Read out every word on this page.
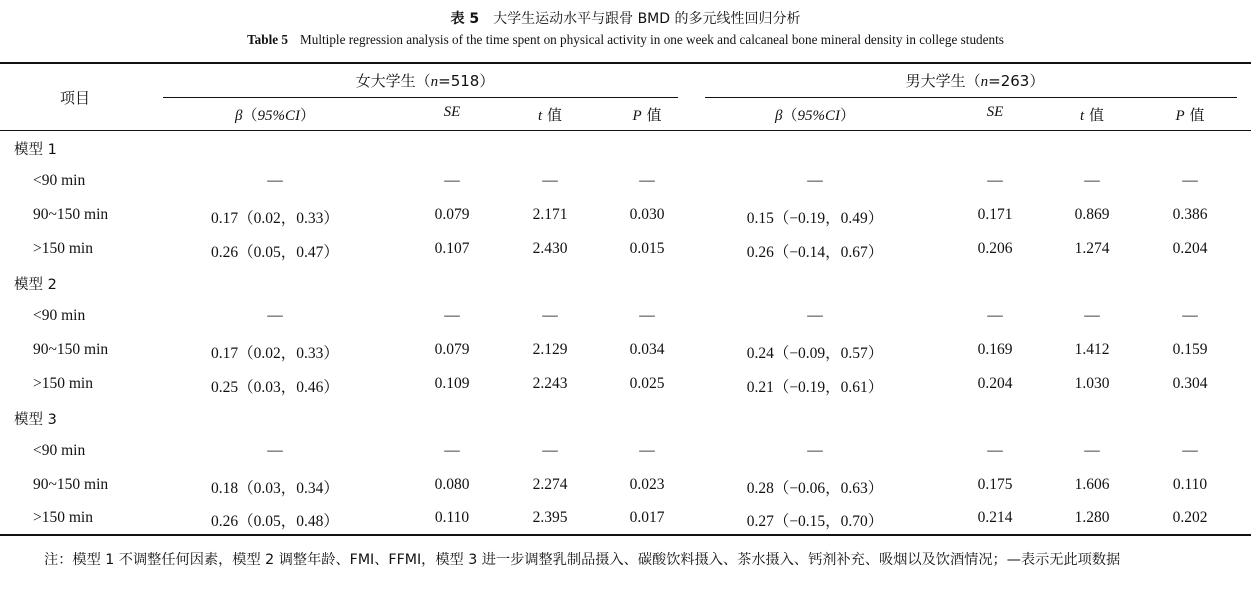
表 5 大学生运动水平与跟骨 BMD 的多元线性回归分析
Table 5 Multiple regression analysis of the time spent on physical activity in one week and calcaneal bone mineral density in college students
项目
女大学生（n=518）	男大学生（n=263）
β（95%CI）	SE	t 值	P 值	β（95%CI）	SE	t 值	P 值
模型 1
<90 min	—	—	—	—	—	—	—	—
90~150 min	0.17（0.02，0.33）	0.079	2.171	0.030	0.15（−0.19，0.49）	0.171	0.869	0.386
>150 min	0.26（0.05，0.47）	0.107	2.430	0.015	0.26（−0.14，0.67）	0.206	1.274	0.204
模型 2
<90 min	—	—	—	—	—	—	—	—
90~150 min	0.17（0.02，0.33）	0.079	2.129	0.034	0.24（−0.09，0.57）	0.169	1.412	0.159
>150 min	0.25（0.03，0.46）	0.109	2.243	0.025	0.21（−0.19，0.61）	0.204	1.030	0.304
模型 3
<90 min	—	—	—	—	—	—	—	—
90~150 min	0.18（0.03，0.34）	0.080	2.274	0.023	0.28（−0.06，0.63）	0.175	1.606	0.110
>150 min	0.26（0.05，0.48）	0.110	2.395	0.017	0.27（−0.15，0.70）	0.214	1.280	0.202
注：模型 1 不调整任何因素，模型 2 调整年龄、FMI、FFMI，模型 3 进一步调整乳制品摄入、碳酸饮料摄入、茶水摄入、钙剂补充、吸烟以及饮酒情况；—表示无此项数据
